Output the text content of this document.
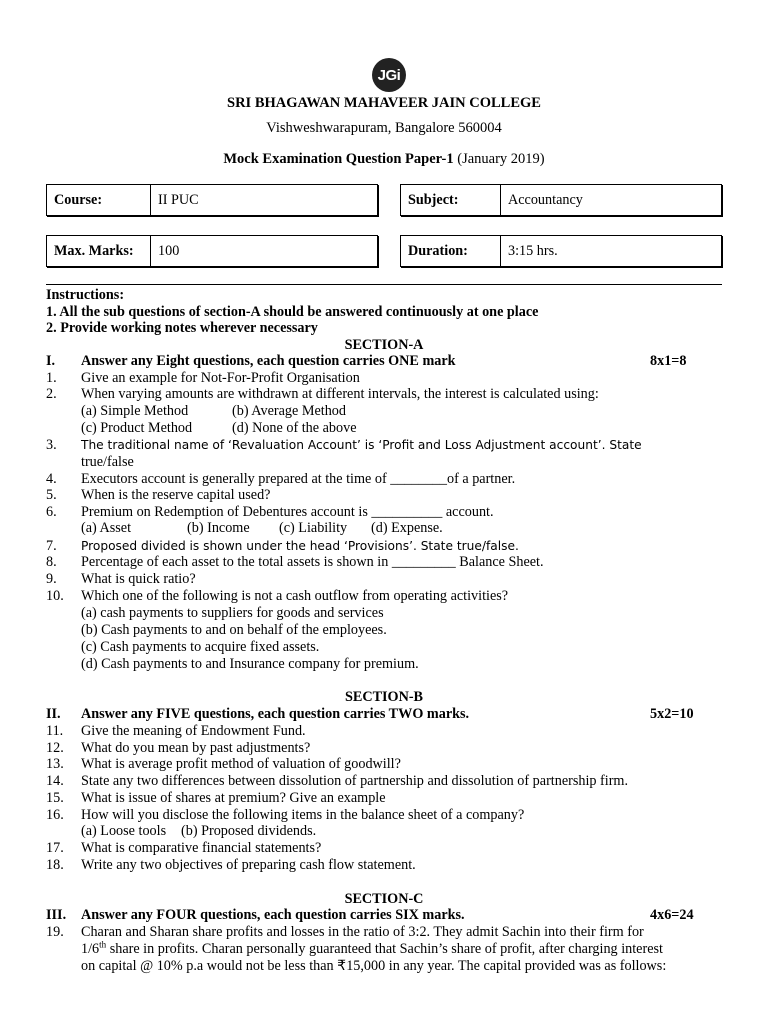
JGi
SRI BHAGAWAN MAHAVEER JAIN COLLEGE
Vishweshwarapuram, Bangalore 560004
Mock Examination Question Paper-1 (January 2019)
Course:	II PUC	Subject:	Accountancy
Max. Marks:	100	Duration:	3:15 hrs.
Instructions:
1. All the sub questions of section-A should be answered continuously at one place
2. Provide working notes wherever necessary
SECTION-A
I. Answer any Eight questions, each question carries ONE mark	8x1=8
1. Give an example for Not-For-Profit Organisation
2. When varying amounts are withdrawn at different intervals, the interest is calculated using:
(a) Simple Method	(b) Average Method
(c) Product Method	(d) None of the above
3. The traditional name of ‘Revaluation Account’ is ‘Profit and Loss Adjustment account’. State
true/false
4. Executors account is generally prepared at the time of ________of a partner.
5. When is the reserve capital used?
6. Premium on Redemption of Debentures account is __________ account.
(a) Asset	(b) Income (c) Liability (d) Expense.
7. Proposed divided is shown under the head ‘Provisions’. State true/false.
8. Percentage of each asset to the total assets is shown in _________ Balance Sheet.
9. What is quick ratio?
10. Which one of the following is not a cash outflow from operating activities?
(a) cash payments to suppliers for goods and services
(b) Cash payments to and on behalf of the employees.
(c) Cash payments to acquire fixed assets.
(d) Cash payments to and Insurance company for premium.
SECTION-B
II. Answer any FIVE questions, each question carries TWO marks.	5x2=10
11. Give the meaning of Endowment Fund.
12. What do you mean by past adjustments?
13. What is average profit method of valuation of goodwill?
14. State any two differences between dissolution of partnership and dissolution of partnership firm.
15. What is issue of shares at premium? Give an example
16. How will you disclose the following items in the balance sheet of a company?
(a) Loose tools (b) Proposed dividends.
17. What is comparative financial statements?
18. Write any two objectives of preparing cash flow statement.
SECTION-C
III. Answer any FOUR questions, each question carries SIX marks.	4x6=24
19. Charan and Sharan share profits and losses in the ratio of 3:2. They admit Sachin into their firm for
1/6th share in profits. Charan personally guaranteed that Sachin’s share of profit, after charging interest
on capital @ 10% p.a would not be less than ₹15,000 in any year. The capital provided was as follows:
